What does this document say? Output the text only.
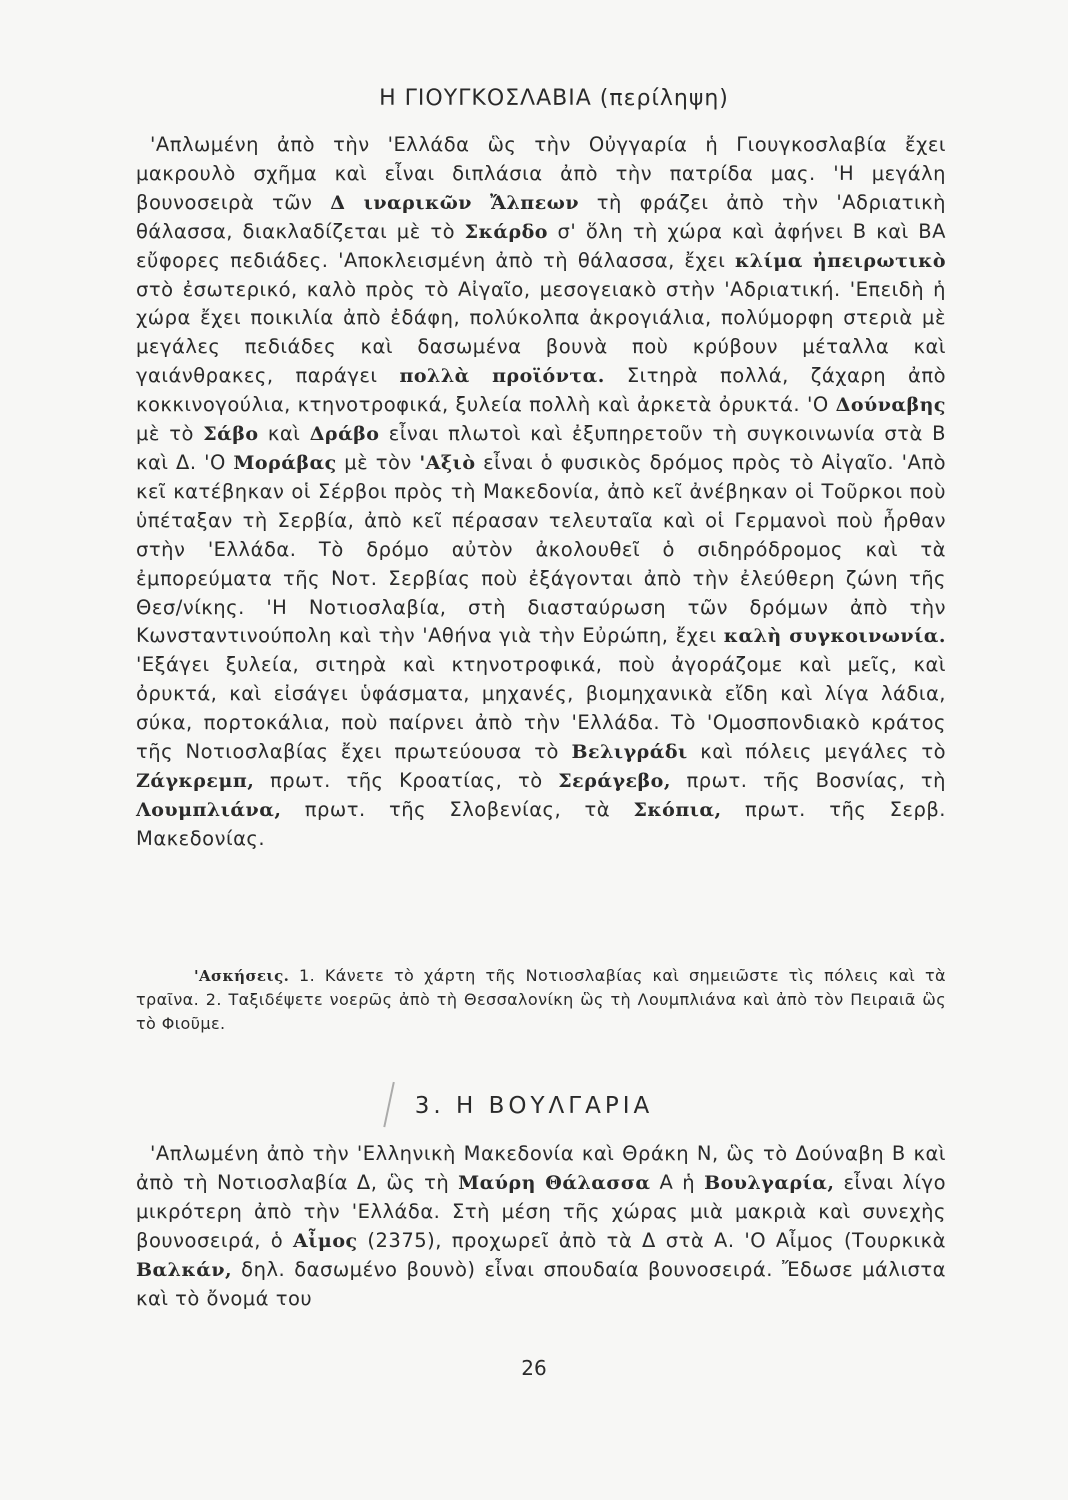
Η ΓΙΟΥΓΚΟΣΛΑΒΙΑ (περίληψη)
'Απλωμένη ἀπὸ τὴν 'Ελλάδα ὣς τὴν Οὐγγαρία ἡ Γιουγκοσλαβία ἔχει μακρουλὸ σχῆμα καὶ εἶναι διπλάσια ἀπὸ τὴν πατρίδα μας. 'Η μεγάλη βουνοσειρὰ τῶν Δ ιναρικῶν Ἄλπεων τὴ φράζει ἀπὸ τὴν 'Αδριατικὴ θάλασσα, διακλαδίζεται μὲ τὸ Σκάρδο σ' ὅλη τὴ χώρα καὶ ἀφήνει Β καὶ ΒΑ εὔφορες πεδιάδες. 'Αποκλεισμένη ἀπὸ τὴ θάλασσα, ἔχει κλίμα ἠπειρωτικὸ στὸ ἐσωτερικό, καλὸ πρὸς τὸ Αἰγαῖο, μεσογειακὸ στὴν 'Αδριατική. 'Επειδὴ ἡ χώρα ἔχει ποικιλία ἀπὸ ἐδάφη, πολύκολπα ἀκρογιάλια, πολύμορφη στεριὰ μὲ μεγάλες πεδιάδες καὶ δασωμένα βουνὰ ποὺ κρύβουν μέταλλα καὶ γαιάνθρακες, παράγει πολλὰ προϊόντα. Σιτηρὰ πολλά, ζάχαρη ἀπὸ κοκκινογούλια, κτηνοτροφικά, ξυλεία πολλὴ καὶ ἀρκετὰ ὀρυκτά. 'Ο Δούναβης μὲ τὸ Σάβο καὶ Δράβο εἶναι πλωτοὶ καὶ ἐξυπηρετοῦν τὴ συγκοινωνία στὰ Β καὶ Δ. 'Ο Μοράβας μὲ τὸν 'Αξιὸ εἶναι ὁ φυσικὸς δρόμος πρὸς τὸ Αἰγαῖο. 'Απὸ κεῖ κατέβηκαν οἱ Σέρβοι πρὸς τὴ Μακεδονία, ἀπὸ κεῖ ἀνέβηκαν οἱ Τοῦρκοι ποὺ ὑπέταξαν τὴ Σερβία, ἀπὸ κεῖ πέρασαν τελευταῖα καὶ οἱ Γερμανοὶ ποὺ ἦρθαν στὴν 'Ελλάδα. Τὸ δρόμο αὐτὸν ἀκολουθεῖ ὁ σιδηρόδρομος καὶ τὰ ἐμπορεύματα τῆς Νοτ. Σερβίας ποὺ ἐξάγονται ἀπὸ τὴν ἐλεύθερη ζώνη τῆς Θεσ/νίκης. 'Η Νοτιοσλαβία, στὴ διασταύρωση τῶν δρόμων ἀπὸ τὴν Κωνσταντινούπολη καὶ τὴν 'Αθήνα γιὰ τὴν Εὐρώπη, ἔχει καλὴ συγκοινωνία. 'Εξάγει ξυλεία, σιτηρὰ καὶ κτηνοτροφικά, ποὺ ἀγοράζομε καὶ μεῖς, καὶ ὀρυκτά, καὶ εἰσάγει ὑφάσματα, μηχανές, βιομηχανικὰ εἴδη καὶ λίγα λάδια, σύκα, πορτοκάλια, ποὺ παίρνει ἀπὸ τὴν 'Ελλάδα. Τὸ 'Ομοσπονδιακὸ κράτος τῆς Νοτιοσλαβίας ἔχει πρωτεύουσα τὸ Βελιγράδι καὶ πόλεις μεγάλες τὸ Ζάγκρεμπ, πρωτ. τῆς Κροατίας, τὸ Σεράγεβο, πρωτ. τῆς Βοσνίας, τὴ Λουμπλιάνα, πρωτ. τῆς Σλοβενίας, τὰ Σκόπια, πρωτ. τῆς Σερβ. Μακεδονίας.
'Ασκήσεις. 1. Κάνετε τὸ χάρτη τῆς Νοτιοσλαβίας καὶ σημειῶστε τὶς πόλεις καὶ τὰ τραῖνα. 2. Ταξιδέψετε νοερῶς ἀπὸ τὴ Θεσσαλονίκη ὣς τὴ Λουμπλιάνα καὶ ἀπὸ τὸν Πειραιᾶ ὣς τὸ Φιοῦμε.
3. Η ΒΟΥΛΓΑΡΙΑ
'Απλωμένη ἀπὸ τὴν 'Ελληνικὴ Μακεδονία καὶ Θράκη Ν, ὣς τὸ Δούναβη Β καὶ ἀπὸ τὴ Νοτιοσλαβία Δ, ὣς τὴ Μαύρη Θάλασσα Α ἡ Βουλγαρία, εἶναι λίγο μικρότερη ἀπὸ τὴν 'Ελλάδα. Στὴ μέση τῆς χώρας μιὰ μακριὰ καὶ συνεχὴς βουνοσειρά, ὁ Αἶμος (2375), προχωρεῖ ἀπὸ τὰ Δ στὰ Α. 'Ο Αἶμος (Τουρκικὰ Βαλκάν, δηλ. δασωμένο βουνὸ) εἶναι σπουδαία βουνοσειρά. Ἔδωσε μάλιστα καὶ τὸ ὄνομά του
26
